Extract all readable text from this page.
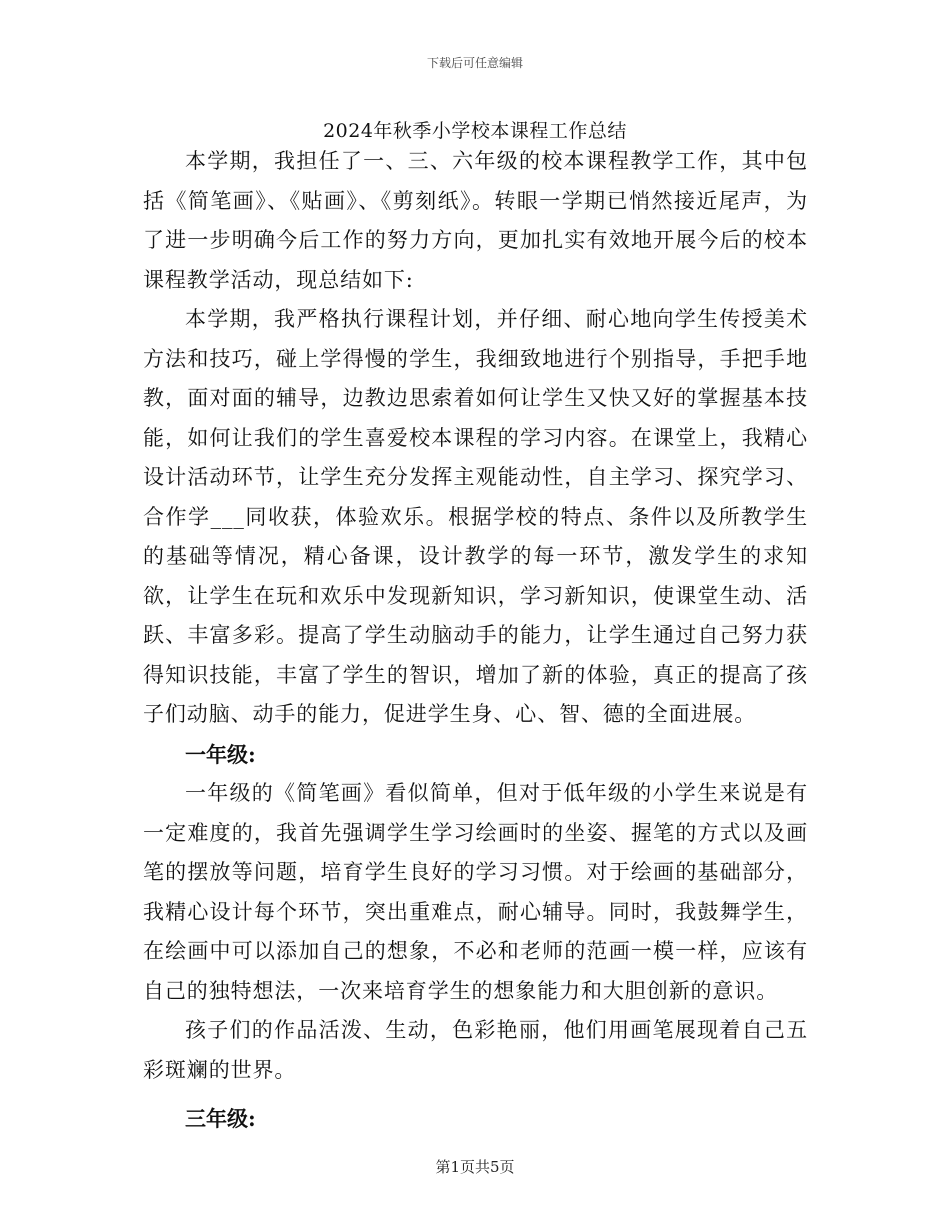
下载后可任意编辑
2024年秋季小学校本课程工作总结

本学期，我担任了一、三、六年级的校本课程教学工作，其中包括《简笔画》、《贴画》、《剪刻纸》。转眼一学期已悄然接近尾声，为了进一步明确今后工作的努力方向，更加扎实有效地开展今后的校本课程教学活动，现总结如下:

本学期，我严格执行课程计划，并仔细、耐心地向学生传授美术方法和技巧，碰上学得慢的学生，我细致地进行个别指导，手把手地教，面对面的辅导，边教边思索着如何让学生又快又好的掌握基本技能，如何让我们的学生喜爱校本课程的学习内容。在课堂上，我精心设计活动环节，让学生充分发挥主观能动性，自主学习、探究学习、合作学___同收获，体验欢乐。根据学校的特点、条件以及所教学生的基础等情况，精心备课，设计教学的每一环节，激发学生的求知欲，让学生在玩和欢乐中发现新知识，学习新知识，使课堂生动、活跃、丰富多彩。提高了学生动脑动手的能力，让学生通过自己努力获得知识技能，丰富了学生的智识，增加了新的体验，真正的提高了孩子们动脑、动手的能力，促进学生身、心、智、德的全面进展。

一年级:

一年级的《简笔画》看似简单，但对于低年级的小学生来说是有一定难度的，我首先强调学生学习绘画时的坐姿、握笔的方式以及画笔的摆放等问题，培育学生良好的学习习惯。对于绘画的基础部分，我精心设计每个环节，突出重难点，耐心辅导。同时，我鼓舞学生，在绘画中可以添加自己的想象，不必和老师的范画一模一样，应该有自己的独特想法，一次来培育学生的想象能力和大胆创新的意识。

孩子们的作品活泼、生动，色彩艳丽，他们用画笔展现着自己五彩斑斓的世界。

三年级:

第1页共5页
